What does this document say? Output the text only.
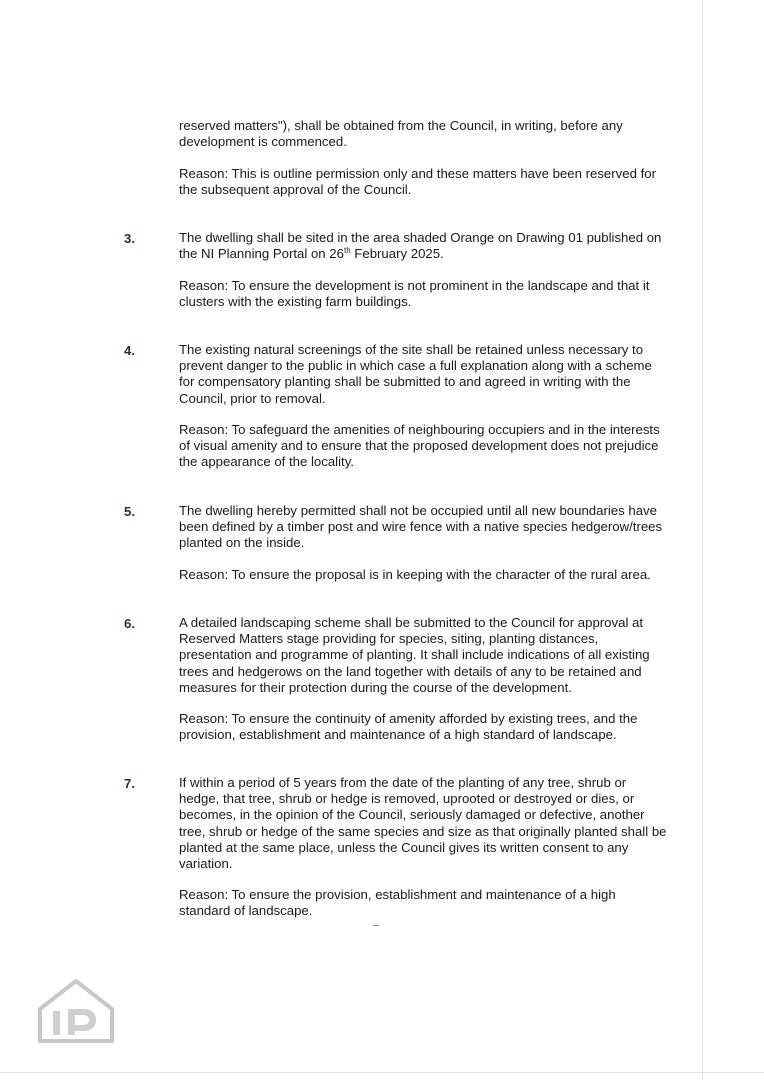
reserved matters"), shall be obtained from the Council, in writing, before any development is commenced.

Reason: This is outline permission only and these matters have been reserved for the subsequent approval of the Council.

3.	The dwelling shall be sited in the area shaded Orange on Drawing 01 published on the NI Planning Portal on 26th February 2025.

Reason: To ensure the development is not prominent in the landscape and that it clusters with the existing farm buildings.

4.	The existing natural screenings of the site shall be retained unless necessary to prevent danger to the public in which case a full explanation along with a scheme for compensatory planting shall be submitted to and agreed in writing with the Council, prior to removal.

Reason: To safeguard the amenities of neighbouring occupiers and in the interests of visual amenity and to ensure that the proposed development does not prejudice the appearance of the locality.

5.	The dwelling hereby permitted shall not be occupied until all new boundaries have been defined by a timber post and wire fence with a native species hedgerow/trees planted on the inside.

Reason: To ensure the proposal is in keeping with the character of the rural area.

6.	A detailed landscaping scheme shall be submitted to the Council for approval at Reserved Matters stage providing for species, siting, planting distances, presentation and programme of planting. It shall include indications of all existing trees and hedgerows on the land together with details of any to be retained and measures for their protection during the course of the development.

Reason: To ensure the continuity of amenity afforded by existing trees, and the provision, establishment and maintenance of a high standard of landscape.

7.	If within a period of 5 years from the date of the planting of any tree, shrub or hedge, that tree, shrub or hedge is removed, uprooted or destroyed or dies, or becomes, in the opinion of the Council, seriously damaged or defective, another tree, shrub or hedge of the same species and size as that originally planted shall be planted at the same place, unless the Council gives its written consent to any variation.

Reason: To ensure the provision, establishment and maintenance of a high standard of landscape.
